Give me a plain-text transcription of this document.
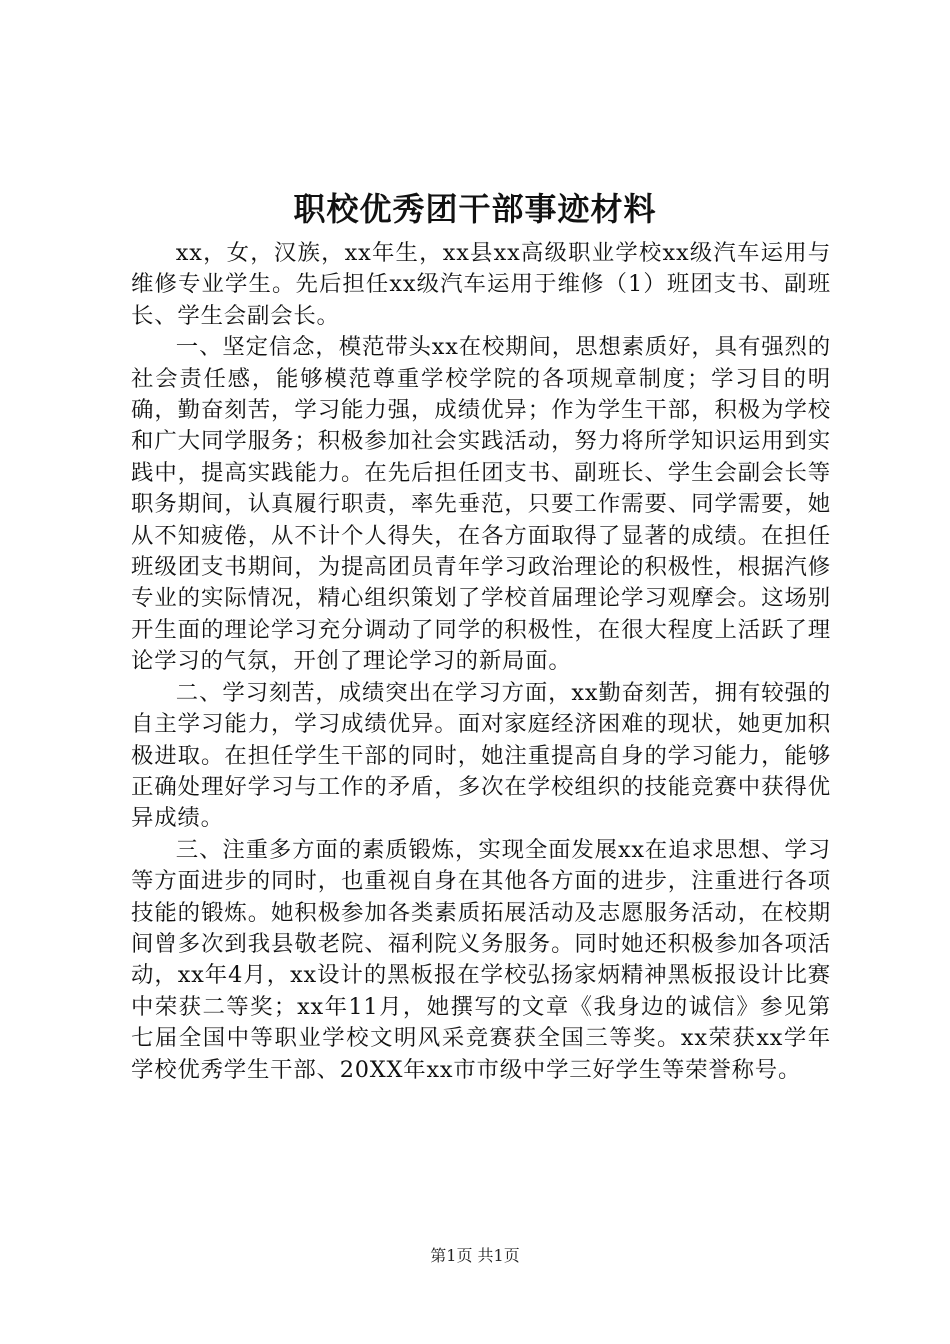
职校优秀团干部事迹材料

xx，女，汉族，xx年生，xx县xx高级职业学校xx级汽车运用与维修专业学生。先后担任xx级汽车运用于维修（1）班团支书、副班长、学生会副会长。

一、坚定信念，模范带头xx在校期间，思想素质好，具有强烈的社会责任感，能够模范尊重学校学院的各项规章制度；学习目的明确，勤奋刻苦，学习能力强，成绩优异；作为学生干部，积极为学校和广大同学服务；积极参加社会实践活动，努力将所学知识运用到实践中，提高实践能力。在先后担任团支书、副班长、学生会副会长等职务期间，认真履行职责，率先垂范，只要工作需要、同学需要，她从不知疲倦，从不计个人得失，在各方面取得了显著的成绩。在担任班级团支书期间，为提高团员青年学习政治理论的积极性，根据汽修专业的实际情况，精心组织策划了学校首届理论学习观摩会。这场别开生面的理论学习充分调动了同学的积极性，在很大程度上活跃了理论学习的气氛，开创了理论学习的新局面。

二、学习刻苦，成绩突出在学习方面，xx勤奋刻苦，拥有较强的自主学习能力，学习成绩优异。面对家庭经济困难的现状，她更加积极进取。在担任学生干部的同时，她注重提高自身的学习能力，能够正确处理好学习与工作的矛盾，多次在学校组织的技能竞赛中获得优异成绩。

三、注重多方面的素质锻炼，实现全面发展xx在追求思想、学习等方面进步的同时，也重视自身在其他各方面的进步，注重进行各项技能的锻炼。她积极参加各类素质拓展活动及志愿服务活动，在校期间曾多次到我县敬老院、福利院义务服务。同时她还积极参加各项活动，xx年4月，xx设计的黑板报在学校弘扬家炳精神黑板报设计比赛中荣获二等奖；xx年11月，她撰写的文章《我身边的诚信》参见第七届全国中等职业学校文明风采竞赛获全国三等奖。xx荣获xx学年学校优秀学生干部、20XX年xx市市级中学三好学生等荣誉称号。

第1页 共1页
